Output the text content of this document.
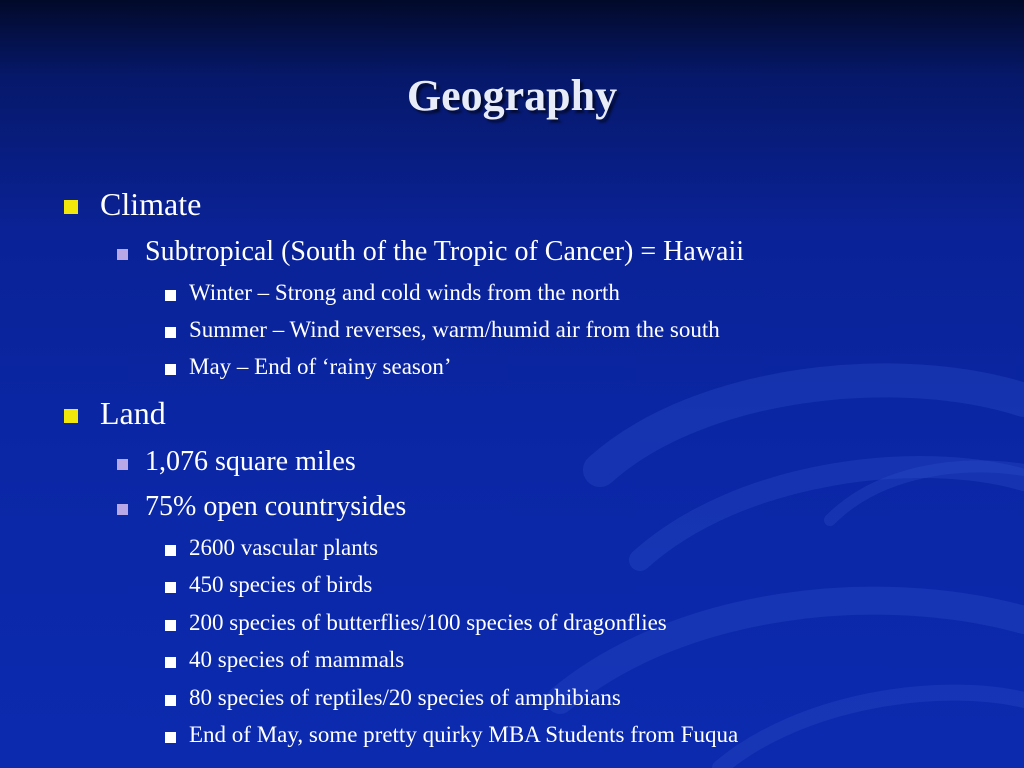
Geography
Climate
Subtropical (South of the Tropic of Cancer) = Hawaii
Winter – Strong and cold winds from the north
Summer – Wind reverses, warm/humid air from the south
May – End of ‘rainy season’
Land
1,076 square miles
75% open countrysides
2600 vascular plants
450 species of birds
200 species of butterflies/100 species of dragonflies
40 species of mammals
80 species of reptiles/20 species of amphibians
End of May, some pretty quirky MBA Students from Fuqua
